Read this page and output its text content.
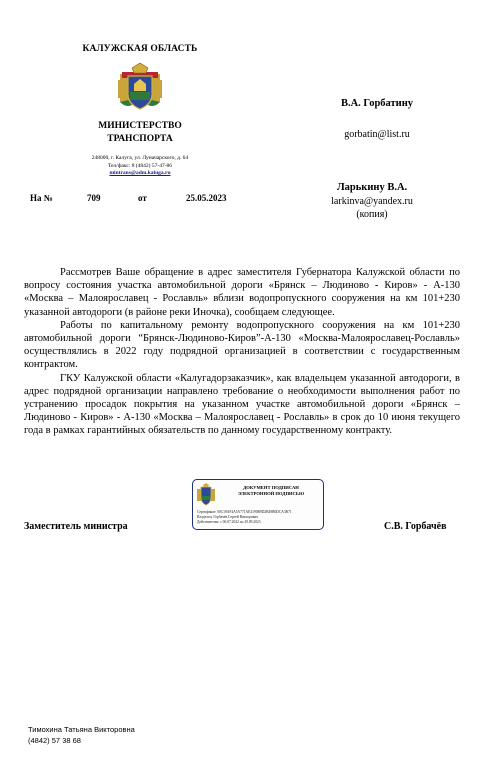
КАЛУЖСКАЯ ОБЛАСТЬ
МИНИСТЕРСТВО
ТРАНСПОРТА
248000, г. Калуга, ул. Луначарского, д. 64
Тел/факс: 8 (4842) 57-47-86
mintrans@adm.kaluga.ru
На №	709	от	25.05.2023
В.А. Горбатину
gorbatin@list.ru
Ларькину В.А.
larkinva@yandex.ru
(копия)

Рассмотрев Ваше обращение в адрес заместителя Губернатора Калужской области по вопросу состояния участка автомобильной дороги «Брянск – Людиново - Киров» - А-130 «Москва – Малоярославец - Рославль» вблизи водопропускного сооружения на км 101+230 указанной автодороги (в районе реки Иночка), сообщаем следующее.

Работы по капитальному ремонту водопропускного сооружения на км 101+230 автомобильной дороги “Брянск-Людиново-Киров”-А-130 «Москва-Малоярославец-Рославль» осуществлялись в 2022 году подрядной организацией в соответствии с государственным контрактом.

ГКУ Калужской области «Калугадорзаказчик», как владельцем указанной автодороги, в адрес подрядной организации направлено требование о необходимости выполнения работ по устранению просадок покрытия на указанном участке автомобильной дороги «Брянск – Людиново - Киров» - А-130 «Москва – Малоярославец - Рославль» в срок до 10 июня текущего года в рамках гарантийных обязательств по данному государственному контракту.

ДОКУМЕНТ ПОДПИСАН
ЭЛЕКТРОННОЙ ПОДПИСЬЮ
Сертификат: 00C18AF4A5A771AE4190B9D2B49B0DCA3B71
Владелец: Горбачёв Сергей Викторович
Действителен: с 06.07.2022 по 29.09.2023
Заместитель министра	С.В. Горбачёв
Тимохина Татьяна Викторовна
(4842) 57 38 68
